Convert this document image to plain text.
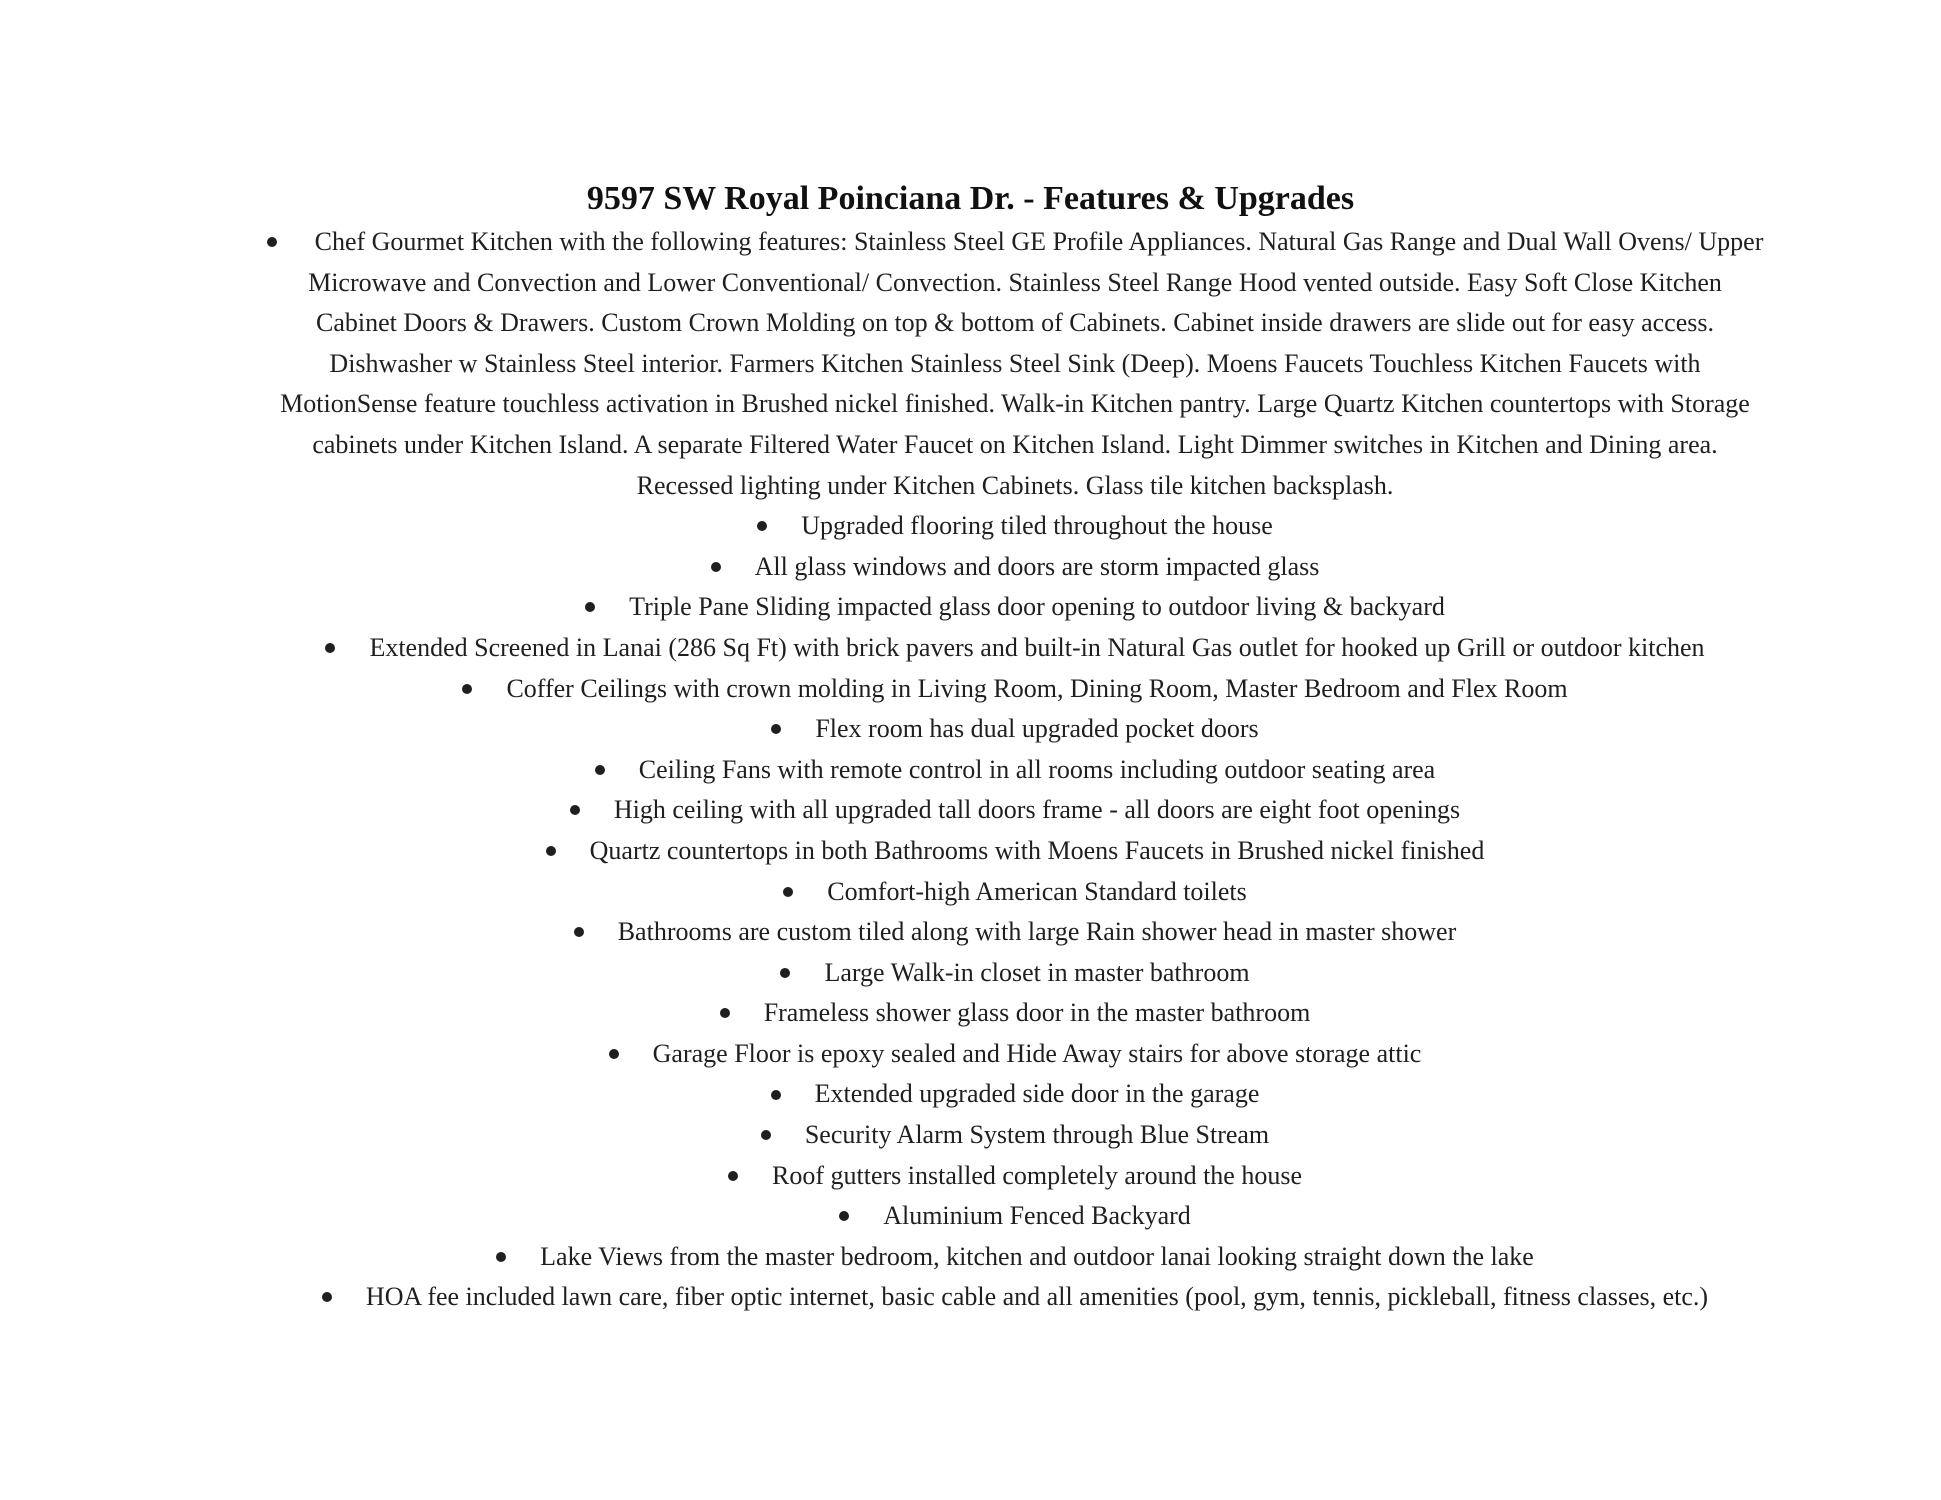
9597 SW Royal Poinciana Dr. - Features & Upgrades
Chef Gourmet Kitchen with the following features: Stainless Steel GE Profile Appliances. Natural Gas Range and Dual Wall Ovens/ Upper Microwave and Convection and Lower Conventional/ Convection. Stainless Steel Range Hood vented outside. Easy Soft Close Kitchen Cabinet Doors & Drawers. Custom Crown Molding on top & bottom of Cabinets. Cabinet inside drawers are slide out for easy access. Dishwasher w Stainless Steel interior. Farmers Kitchen Stainless Steel Sink (Deep). Moens Faucets Touchless Kitchen Faucets with MotionSense feature touchless activation in Brushed nickel finished. Walk-in Kitchen pantry. Large Quartz Kitchen countertops with Storage cabinets under Kitchen Island. A separate Filtered Water Faucet on Kitchen Island. Light Dimmer switches in Kitchen and Dining area. Recessed lighting under Kitchen Cabinets. Glass tile kitchen backsplash.
Upgraded flooring tiled throughout the house
All glass windows and doors are storm impacted glass
Triple Pane Sliding impacted glass door opening to outdoor living & backyard
Extended Screened in Lanai (286 Sq Ft) with brick pavers and built-in Natural Gas outlet for hooked up Grill or outdoor kitchen
Coffer Ceilings with crown molding in Living Room, Dining Room, Master Bedroom and Flex Room
Flex room has dual upgraded pocket doors
Ceiling Fans with remote control in all rooms including outdoor seating area
High ceiling with all upgraded tall doors frame - all doors are eight foot openings
Quartz countertops in both Bathrooms with Moens Faucets in Brushed nickel finished
Comfort-high American Standard toilets
Bathrooms are custom tiled along with large Rain shower head in master shower
Large Walk-in closet in master bathroom
Frameless shower glass door in the master bathroom
Garage Floor is epoxy sealed and Hide Away stairs for above storage attic
Extended upgraded side door in the garage
Security Alarm System through Blue Stream
Roof gutters installed completely around the house
Aluminium Fenced Backyard
Lake Views from the master bedroom, kitchen and outdoor lanai looking straight down the lake
HOA fee included lawn care, fiber optic internet, basic cable and all amenities (pool, gym, tennis, pickleball, fitness classes, etc.)
